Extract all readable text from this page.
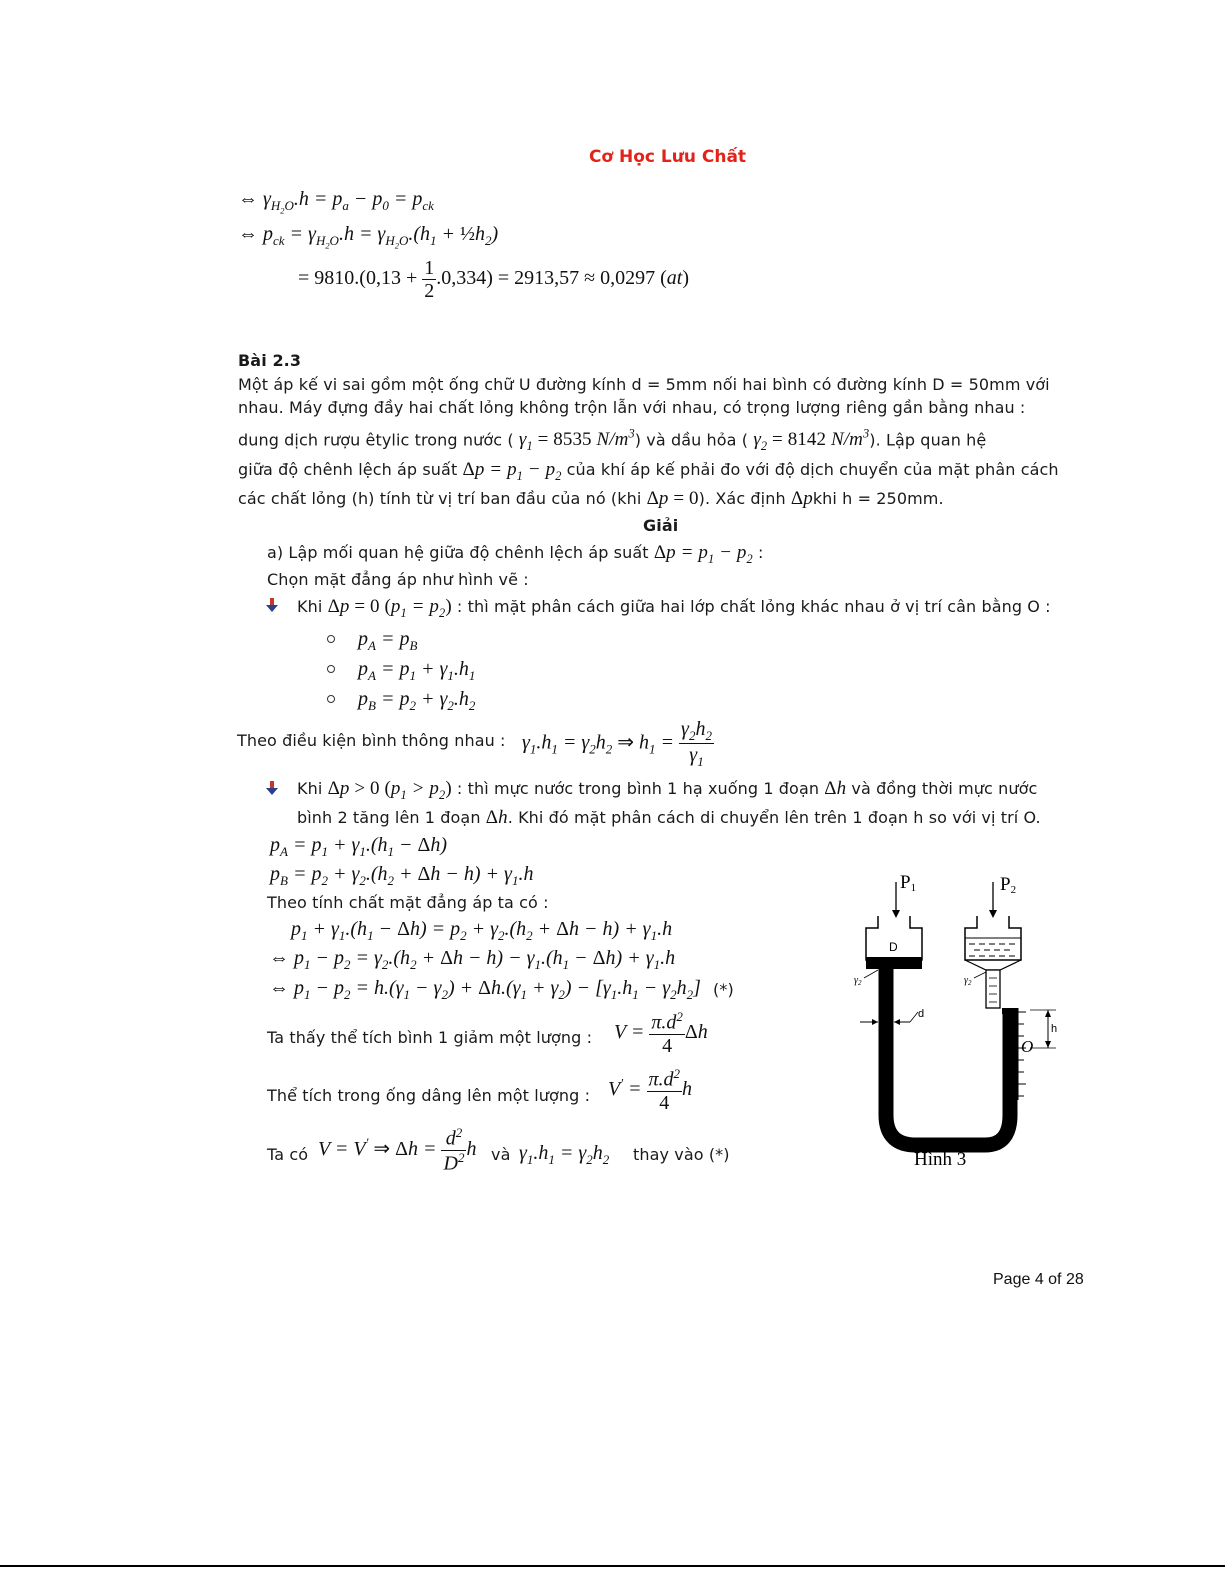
Cơ Học Lưu Chất
⇔ $\gamma_{H_2O}.h = p_a - p_0 = p_{ck}$
⇔ $p_{ck} = \gamma_{H_2O}.h = \gamma_{H_2O}.(h_1$ + $\frac{1}{2}h_2$)
= $9810.(0,13 + \frac{1}{2} .0,334) = 2913,57 \approx 0,0297$ (at)
Bài 2.3
Một áp kế vi sai gồm một ống chữ U đường kính d = 5mm nối hai bình có đường kính D = 50mm với
nhau. Máy đựng đầy hai chất lỏng không trộn lẫn với nhau, có trọng lượng riêng gần bằng nhau :
dung dịch rượu êtylic trong nước ( $\gamma_1 = 8535$ $N/m^3$) và dầu hỏa ( $\gamma_2 = 8142$ $N/m^3$). Lập quan hệ
giữa độ chênh lệch áp suất $\Delta p = p_1 - p_2$ của khí áp kế phải đo với độ dịch chuyển của mặt phân cách
các chất lỏng (h) tính từ vị trí ban đầu của nó (khi Δp = 0). Xác định Δpkhi h = 250mm.
Giải
a) Lập mối quan hệ giữa độ chênh lệch áp suất $\Delta p = p_1 - p_2$ :
Chọn mặt đẳng áp như hình vẽ :
Khi Δp = 0 $(p_1 = p_2)$ : thì mặt phân cách giữa hai lớp chất lỏng khác nhau ở vị trí cân bằng O :
$p_A = p_B$
$p_A = p_1 + \gamma_1.h_1$
$p_B = p_2 + \gamma_2.h_2$
Theo điều kiện bình thông nhau : $\gamma_1.h_1 = \gamma_2h_2$ ⇒ $h_1 = \frac{\gamma_2h_2}{\gamma_1}$
Khi Δp > 0 $(p_1 > p_2)$ : thì mực nước trong bình 1 hạ xuống 1 đoạn Δh và đồng thời mực nước
bình 2 tăng lên 1 đoạn Δh. Khi đó mặt phân cách di chuyển lên trên 1 đoạn h so với vị trí O.
$p_A = p_1 + \gamma_1.(h_1 - \Delta h)$
$p_B = p_2 + \gamma_2.(h_2 + \Delta h - h) + \gamma_1.h$
Theo tính chất mặt đẳng áp ta có :
$p_1 + \gamma_1.(h_1 - \Delta h) = p_2 + \gamma_2.(h_2 + \Delta h - h) + \gamma_1.h$
⇔ $p_1 - p_2 = \gamma_2.(h_2 + \Delta h - h) - \gamma_1.(h_1 - \Delta h) + \gamma_1.h$
⇔ $p_1 - p_2 = h.(\gamma_1 - \gamma_2) + \Delta h.(\gamma_1 + \gamma_2) - [\gamma_1.h_1 - \gamma_2h_2]$ (*)
Ta thấy thể tích bình 1 giảm một lượng : $V = \frac{\pi.d^2}{4}$ Δh
Thể tích trong ống dâng lên một lượng : $V' = \frac{\pi.d^2}{4}$ h
Ta có V = V' ⇒ $\Delta h = \frac{d^2}{D^2}$ h và $\gamma_1.h_1 = \gamma_2h_2$ thay vào (*)
P1	P2
D
$\gamma_2$	$\gamma_2$
d
O
h
Hình 3
Page 4 of 28
